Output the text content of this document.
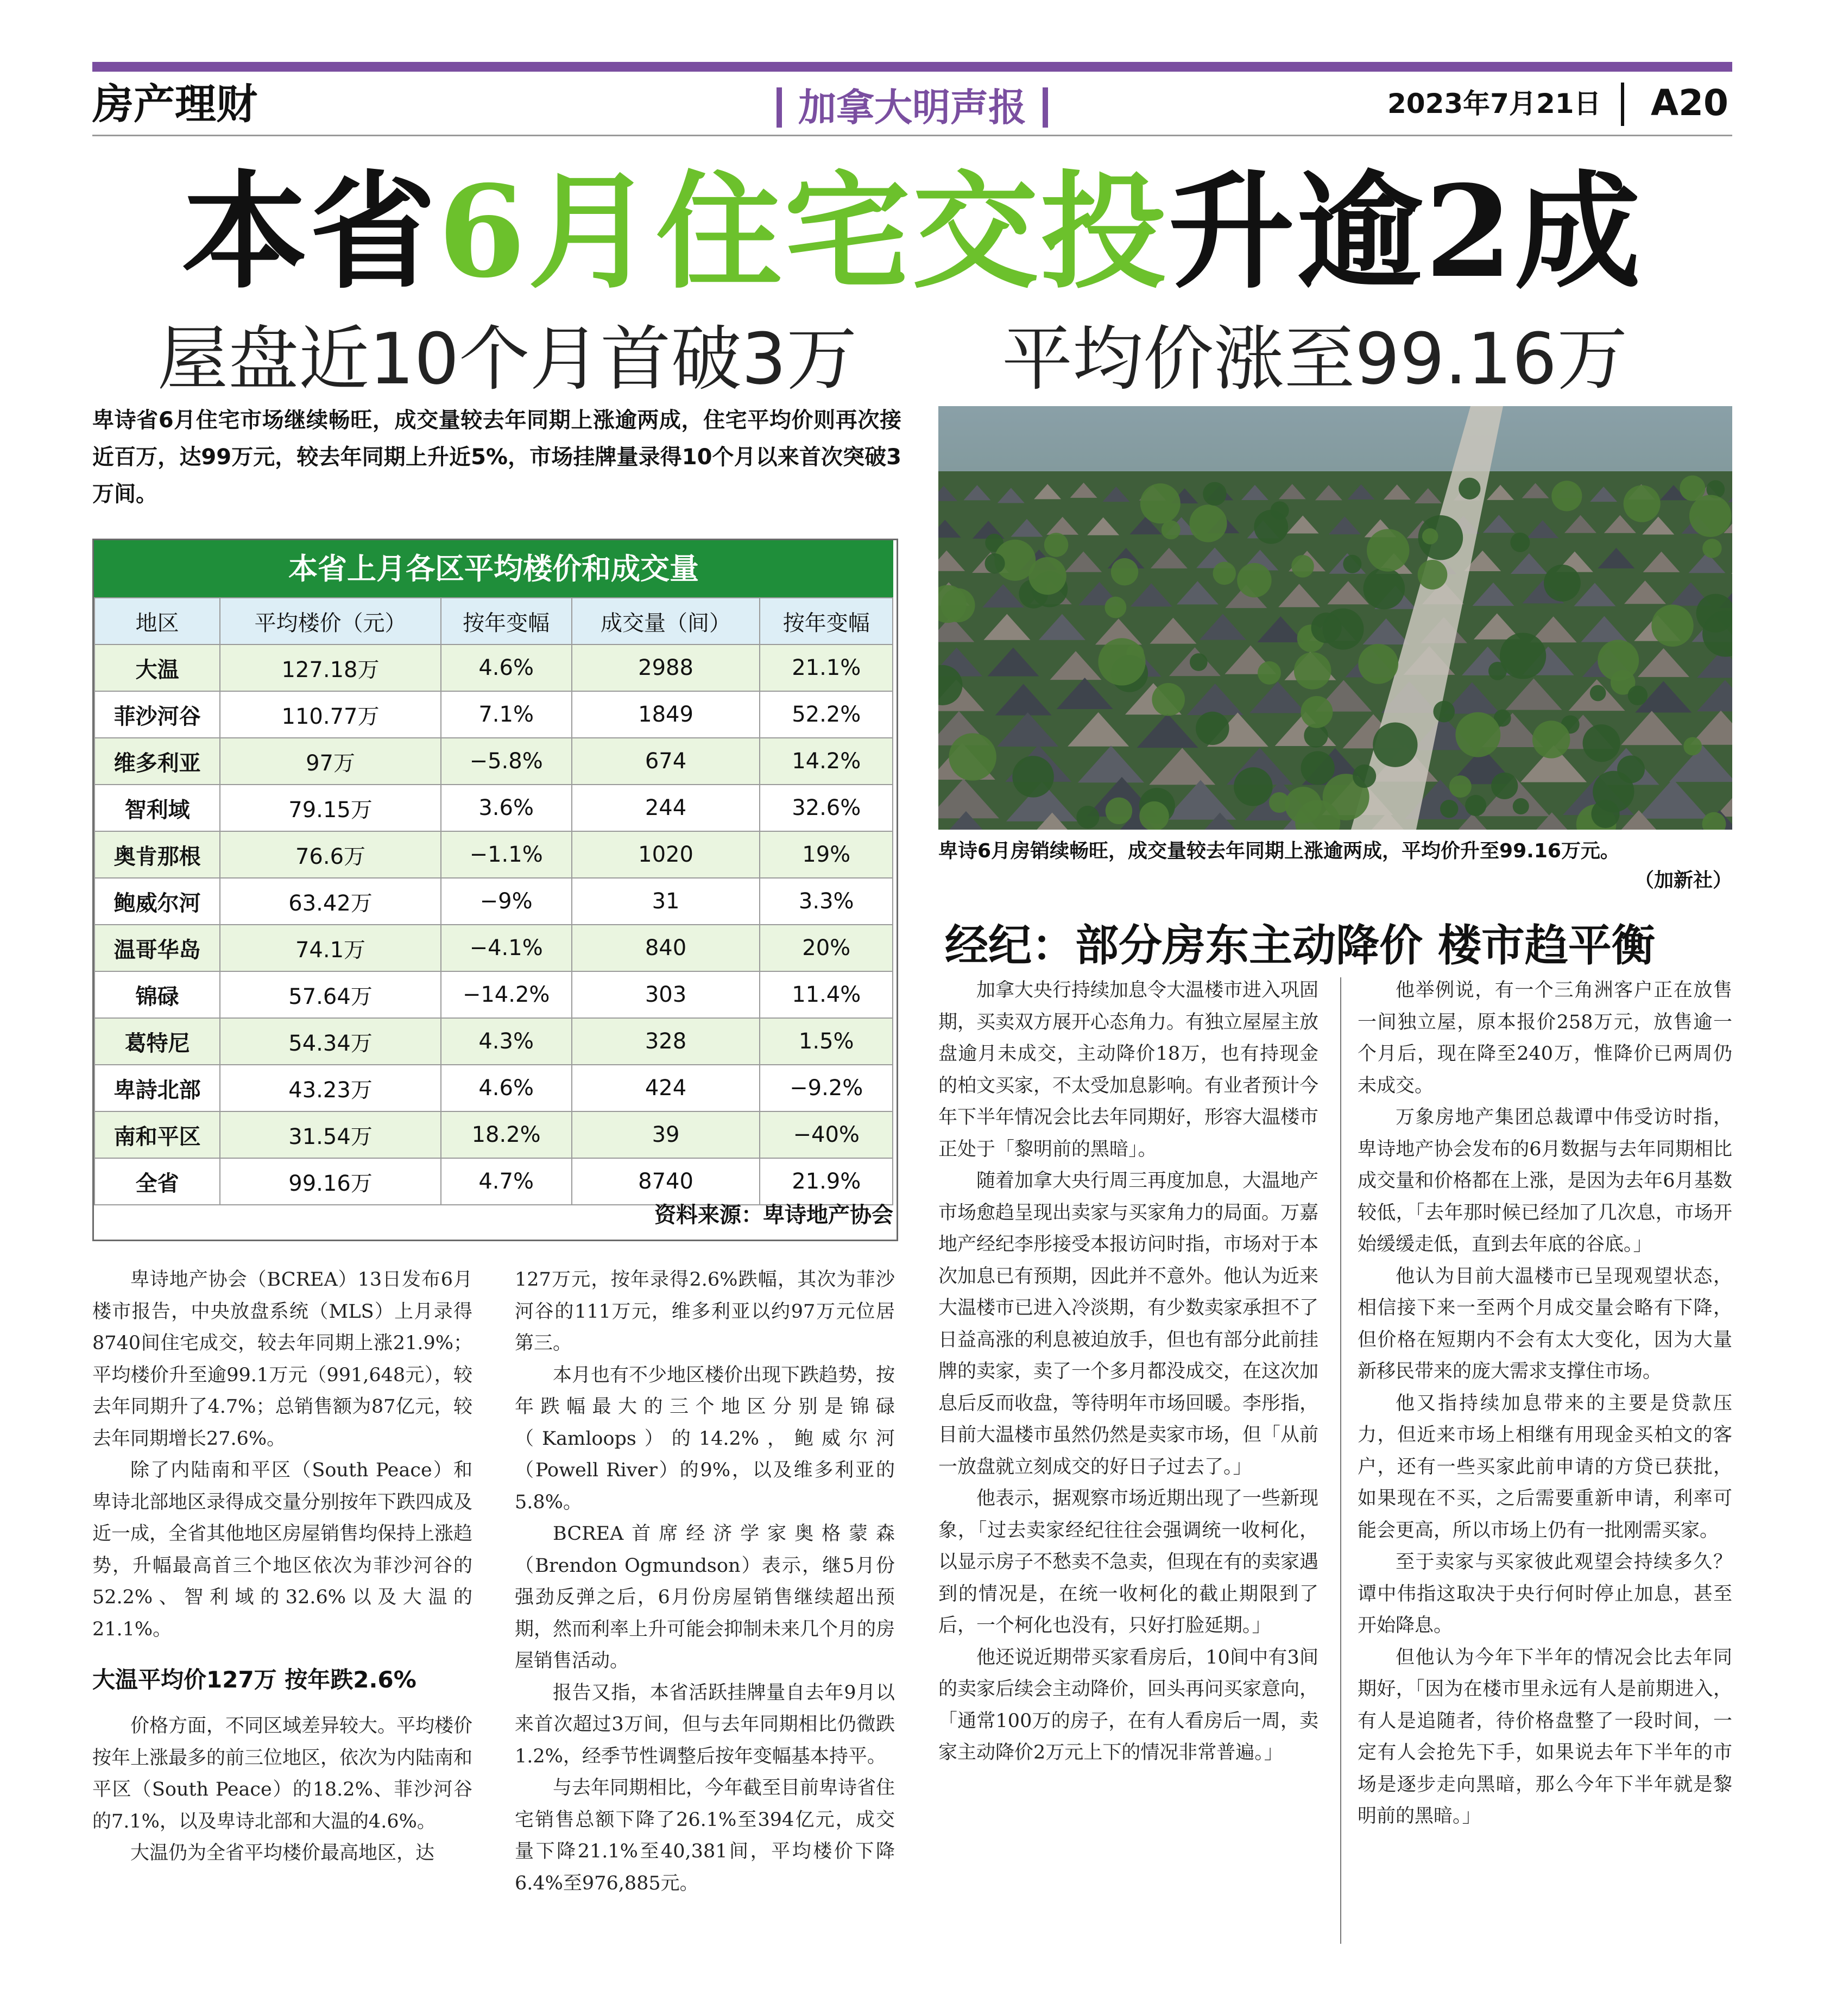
房产理财	加拿大明声报	2023年7月21日 A20
本省6月住宅交投升逾2成
屋盘近10个月首破3万 平均价涨至99.16万
卑诗省6月住宅市场继续畅旺，成交量较去年同期上涨逾两成，住宅平均价则再次接近百万，达99万元，较去年同期上升近5%，市场挂牌量录得10个月以来首次突破3万间。
本省上月各区平均楼价和成交量
地区	平均楼价（元）	按年变幅	成交量（间）	按年变幅
大温	127.18万	4.6%	2988	21.1%
菲沙河谷	110.77万	7.1%	1849	52.2%
维多利亚	97万	−5.8%	674	14.2%
智利域	79.15万	3.6%	244	32.6%
奥肯那根	76.6万	−1.1%	1020	19%
鲍威尔河	63.42万	−9%	31	3.3%
温哥华岛	74.1万	−4.1%	840	20%
锦碌	57.64万	−14.2%	303	11.4%
葛特尼	54.34万	4.3%	328	1.5%
卑詩北部	43.23万	4.6%	424	−9.2%
南和平区	31.54万	18.2%	39	−40%
全省	99.16万	4.7%	8740	21.9%
资料来源：卑诗地产协会

卑诗地产协会（BCREA）13日发布6月楼市报告，中央放盘系统（MLS）上月录得8740间住宅成交，较去年同期上涨21.9%；平均楼价升至逾99.1万元（991,648元），较去年同期升了4.7%；总销售额为87亿元，较去年同期增长27.6%。

除了内陆南和平区（South Peace）和卑诗北部地区录得成交量分别按年下跌四成及近一成，全省其他地区房屋销售均保持上涨趋势，升幅最高首三个地区依次为菲沙河谷的52.2%、智利域的32.6%以及大温的21.1%。

大温平均价127万 按年跌2.6%

价格方面，不同区域差异较大。平均楼价按年上涨最多的前三位地区，依次为内陆南和平区（South Peace）的18.2%、菲沙河谷的7.1%，以及卑诗北部和大温的4.6%。

大温仍为全省平均楼价最高地区，达

127万元，按年录得2.6%跌幅，其次为菲沙河谷的111万元，维多利亚以约97万元位居第三。

本月也有不少地区楼价出现下跌趋势，按年跌幅最大的三个地区分别是锦碌（Kamloops）的14.2%，鲍威尔河（Powell River）的9%，以及维多利亚的5.8%。

BCREA首席经济学家奥格蒙森（Brendon Ogmundson）表示，继5月份强劲反弹之后，6月份房屋销售继续超出预期，然而利率上升可能会抑制未来几个月的房屋销售活动。

报告又指，本省活跃挂牌量自去年9月以来首次超过3万间，但与去年同期相比仍微跌1.2%，经季节性调整后按年变幅基本持平。

与去年同期相比，今年截至目前卑诗省住宅销售总额下降了26.1%至394亿元，成交量下降21.1%至40,381间，平均楼价下降6.4%至976,885元。

卑诗6月房销续畅旺，成交量较去年同期上涨逾两成，平均价升至99.16万元。
（加新社）
经纪：部分房东主动降价 楼市趋平衡

加拿大央行持续加息令大温楼市进入巩固期，买卖双方展开心态角力。有独立屋屋主放盘逾月未成交，主动降价18万，也有持现金的柏文买家，不太受加息影响。有业者预计今年下半年情况会比去年同期好，形容大温楼市正处于「黎明前的黑暗」。

随着加拿大央行周三再度加息，大温地产市场愈趋呈现出卖家与买家角力的局面。万嘉地产经纪李彤接受本报访问时指，市场对于本次加息已有预期，因此并不意外。他认为近来大温楼市已进入冷淡期，有少数卖家承担不了日益高涨的利息被迫放手，但也有部分此前挂牌的卖家，卖了一个多月都没成交，在这次加息后反而收盘，等待明年市场回暖。李彤指，目前大温楼市虽然仍然是卖家市场，但「从前一放盘就立刻成交的好日子过去了。」

他表示，据观察市场近期出现了一些新现象，「过去卖家经纪往往会强调统一收柯化，以显示房子不愁卖不急卖，但现在有的卖家遇到的情况是，在统一收柯化的截止期限到了后，一个柯化也没有，只好打脸延期。」

他还说近期带买家看房后，10间中有3间的卖家后续会主动降价，回头再问买家意向，「通常100万的房子，在有人看房后一周，卖家主动降价2万元上下的情况非常普遍。」

他举例说，有一个三角洲客户正在放售一间独立屋，原本报价258万元，放售逾一个月后，现在降至240万，惟降价已两周仍未成交。

万象房地产集团总裁谭中伟受访时指，卑诗地产协会发布的6月数据与去年同期相比成交量和价格都在上涨，是因为去年6月基数较低，「去年那时候已经加了几次息，市场开始缓缓走低，直到去年底的谷底。」

他认为目前大温楼市已呈现观望状态，相信接下来一至两个月成交量会略有下降，但价格在短期内不会有太大变化，因为大量新移民带来的庞大需求支撑住市场。

他又指持续加息带来的主要是贷款压力，但近来市场上相继有用现金买柏文的客户，还有一些买家此前申请的方贷已获批，如果现在不买，之后需要重新申请，利率可能会更高，所以市场上仍有一批刚需买家。

至于卖家与买家彼此观望会持续多久？谭中伟指这取决于央行何时停止加息，甚至开始降息。

但他认为今年下半年的情况会比去年同期好，「因为在楼市里永远有人是前期进入，有人是追随者，待价格盘整了一段时间，一定有人会抢先下手，如果说去年下半年的市场是逐步走向黑暗，那么今年下半年就是黎明前的黑暗。」
